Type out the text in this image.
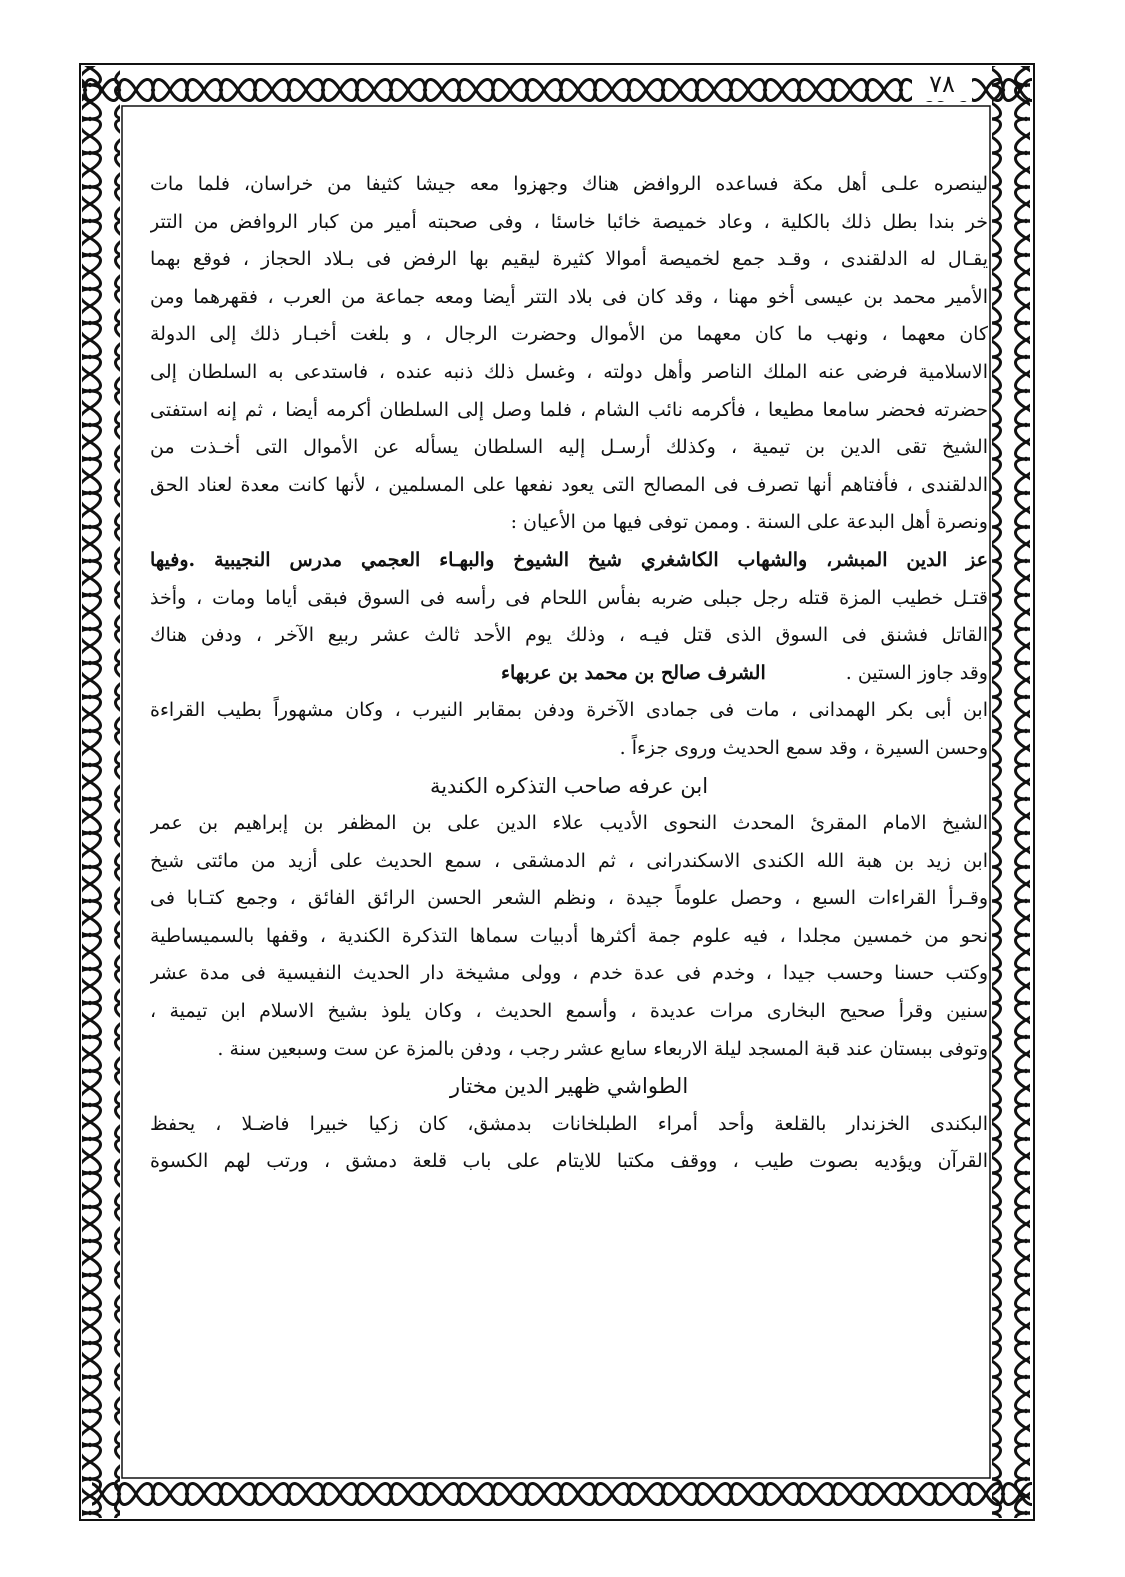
٧٨
لينصره علـى أهل مكة فساعده الروافض هناك وجهزوا معه جيشا كثيفا من خراسان، فلما مات
خر بندا بطل ذلك بالكلية ، وعاد خميصة خائبا خاسئا ، وفى صحبته أمير من كبار الروافض من التتر
يقـال له الدلقندى ، وقـد جمع لخميصة أموالا كثيرة ليقيم بها الرفض فى بـلاد الحجاز ، فوقع بهما
الأمير محمد بن عيسى أخو مهنا ، وقد كان فى بلاد التتر أيضا ومعه جماعة من العرب ، فقهرهما ومن
كان معهما ، ونهب ما كان معهما من الأموال وحضرت الرجال ، و بلغت أخبـار ذلك إلى الدولة
الاسلامية فرضى عنه الملك الناصر وأهل دولته ، وغسل ذلك ذنبه عنده ، فاستدعى به السلطان إلى
حضرته فحضر سامعا مطيعا ، فأكرمه نائب الشام ، فلما وصل إلى السلطان أكرمه أيضا ، ثم إنه استفتى
الشيخ تقى الدين بن تيمية ، وكذلك أرسـل إليه السلطان يسأله عن الأموال التى أخـذت من
الدلقندى ، فأفتاهم أنها تصرف فى المصالح التى يعود نفعها على المسلمين ، لأنها كانت معدة لعناد الحق
ونصرة أهل البدعة على السنة . وممن توفى فيها من الأعيان :
عز الدين المبشر، والشهاب الكاشغري شيخ الشيوخ والبهـاء العجمي مدرس النجيبية .وفيها
قتـل خطيب المزة قتله رجل جبلى ضربه بفأس اللحام فى رأسه فى السوق فبقى أياما ومات ، وأخذ
القاتل فشنق فى السوق الذى قتل فيـه ، وذلك يوم الأحد ثالث عشر ربيع الآخر ، ودفن هناك
وقد جاوز الستين .الشرف صالح بن محمد بن عربهاء
ابن أبى بكر الهمدانى ، مات فى جمادى الآخرة ودفن بمقابر النيرب ، وكان مشهوراً بطيب القراءة
وحسن السيرة ، وقد سمع الحديث وروى جزءاً .
ابن عرفه صاحب التذكره الكندية
الشيخ الامام المقرئ المحدث النحوى الأديب علاء الدين على بن المظفر بن إبراهيم بن عمر
ابن زيد بن هبة الله الكندى الاسكندرانى ، ثم الدمشقى ، سمع الحديث على أزيد من مائتى شيخ
وقـرأ القراءات السبع ، وحصل علوماً جيدة ، ونظم الشعر الحسن الرائق الفائق ، وجمع كتـابا فى
نحو من خمسين مجلدا ، فيه علوم جمة أكثرها أدبيات سماها التذكرة الكندية ، وقفها بالسميساطية
وكتب حسنا وحسب جيدا ، وخدم فى عدة خدم ، وولى مشيخة دار الحديث النفيسية فى مدة عشر
سنين وقرأ صحيح البخارى مرات عديدة ، وأسمع الحديث ، وكان يلوذ بشيخ الاسلام ابن تيمية ،
وتوفى ببستان عند قبة المسجد ليلة الاربعاء سابع عشر رجب ، ودفن بالمزة عن ست وسبعين سنة .
الطواشي ظهير الدين مختار
البكندى الخزندار بالقلعة وأحد أمراء الطبلخانات بدمشق، كان زكيا خبيرا فاضـلا ، يحفظ
القرآن ويؤديه بصوت طيب ، ووقف مكتبا للايتام على باب قلعة دمشق ، ورتب لهم الكسوة
